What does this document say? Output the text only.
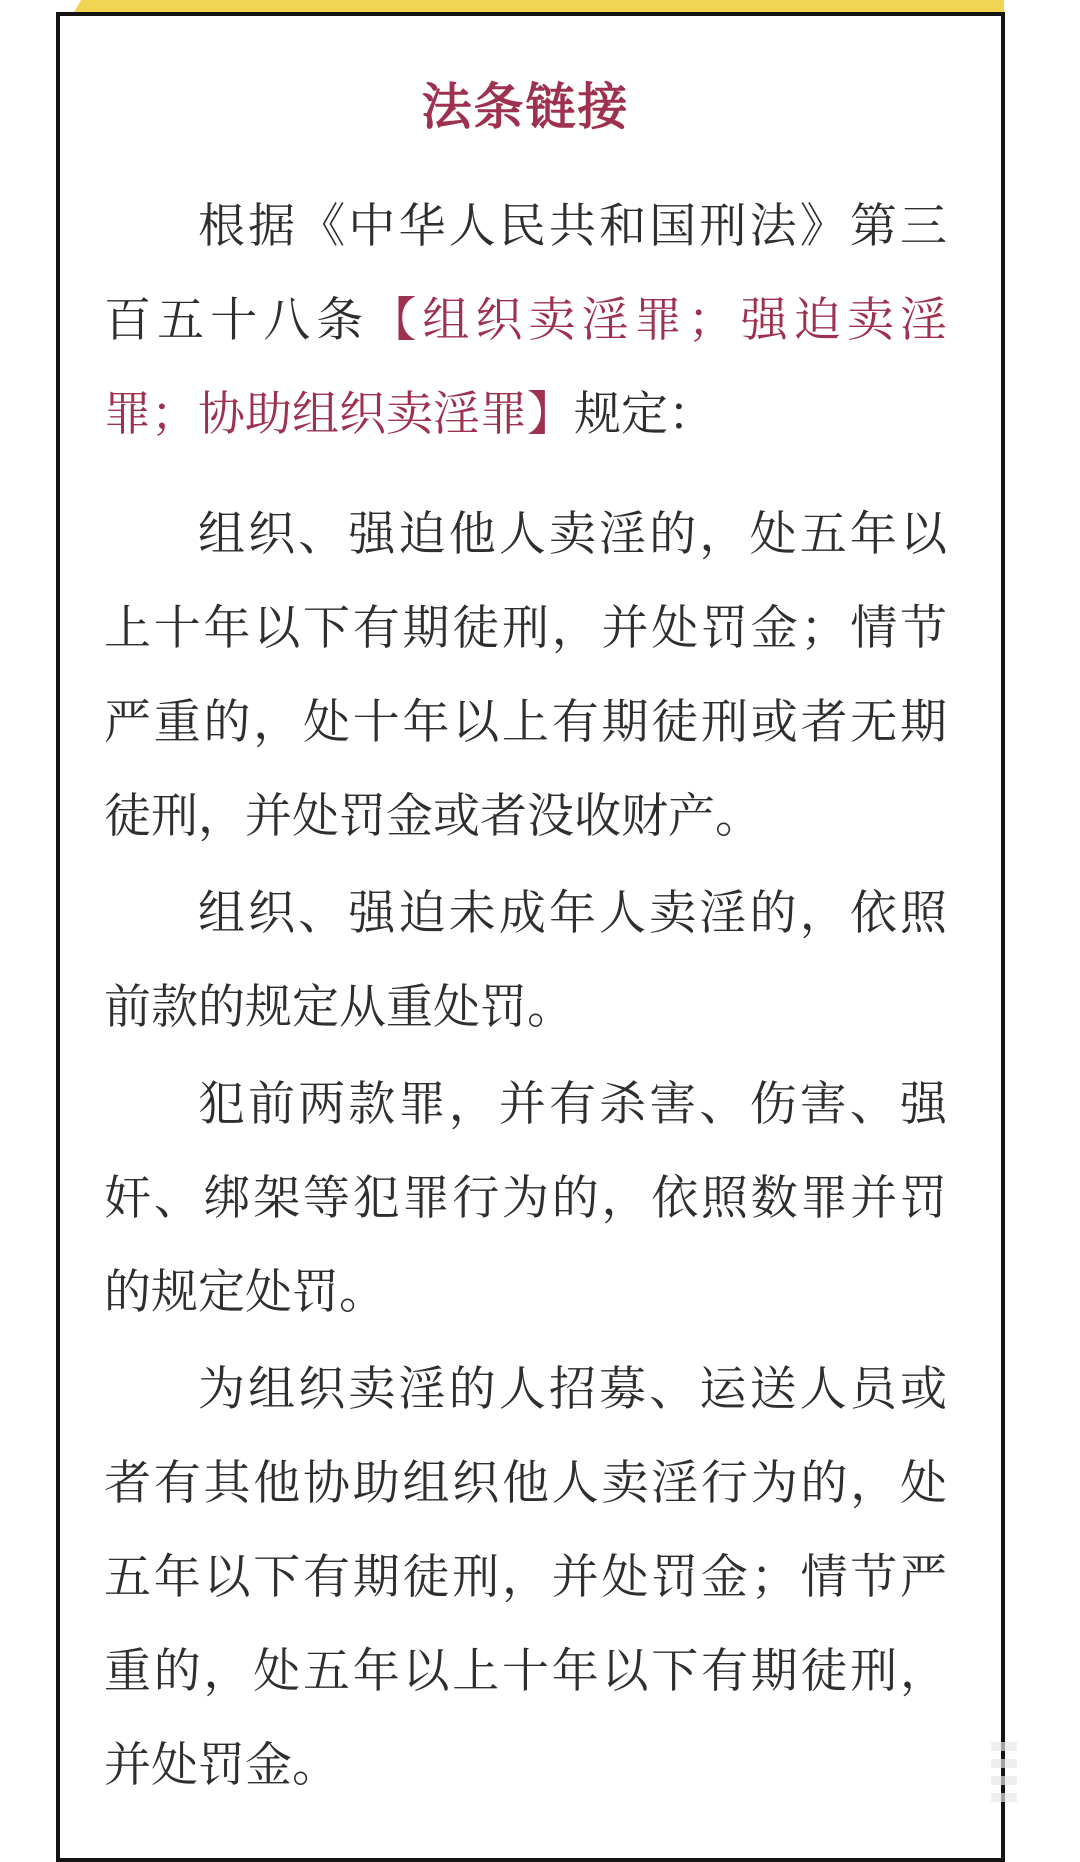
法条链接
根据《中华人民共和国刑法》第三
百五十八条【组织卖淫罪；强迫卖淫
罪；协助组织卖淫罪】规定：
组织、强迫他人卖淫的，处五年以
上十年以下有期徒刑，并处罚金；情节
严重的，处十年以上有期徒刑或者无期
徒刑，并处罚金或者没收财产。
组织、强迫未成年人卖淫的，依照
前款的规定从重处罚。
犯前两款罪，并有杀害、伤害、强
奸、绑架等犯罪行为的，依照数罪并罚
的规定处罚。
为组织卖淫的人招募、运送人员或
者有其他协助组织他人卖淫行为的，处
五年以下有期徒刑，并处罚金；情节严
重的，处五年以上十年以下有期徒刑，
并处罚金。
